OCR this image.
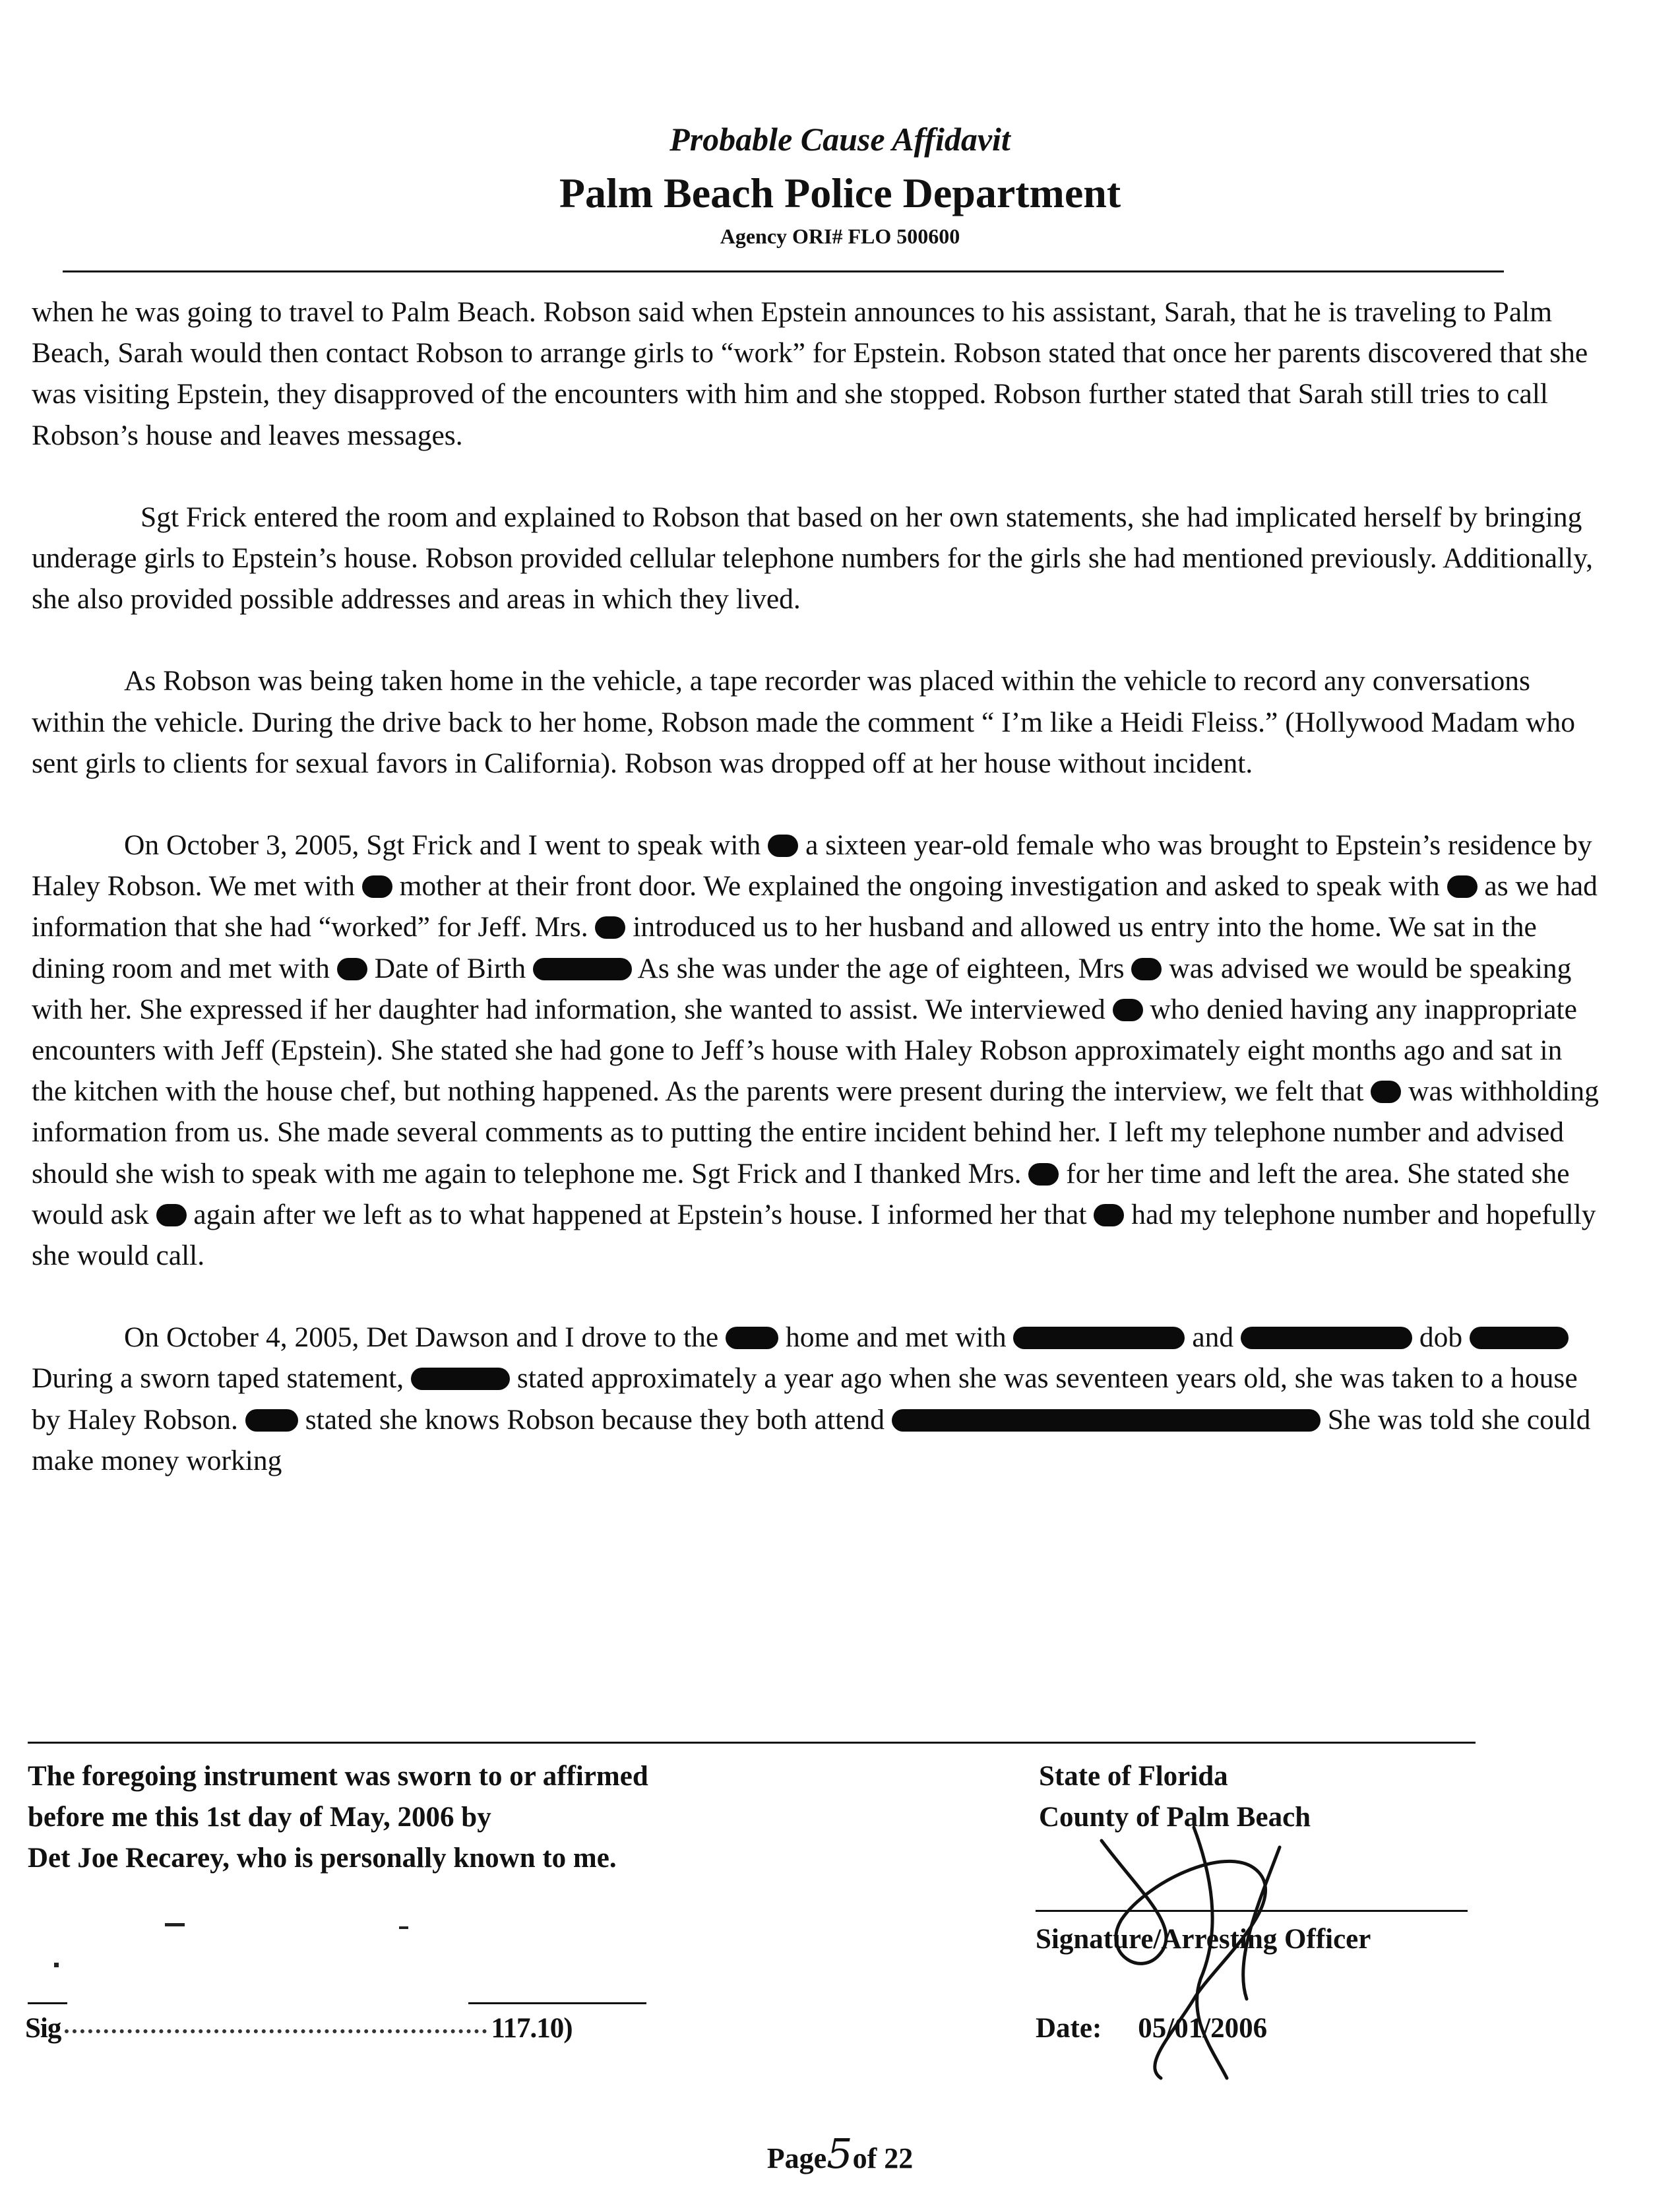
Probable Cause Affidavit
Palm Beach Police Department
Agency ORI# FLO 500600

when he was going to travel to Palm Beach. Robson said when Epstein announces to his assistant, Sarah, that he is traveling to Palm Beach, Sarah would then contact Robson to arrange girls to “work” for Epstein. Robson stated that once her parents discovered that she was visiting Epstein, they disapproved of the encounters with him and she stopped. Robson further stated that Sarah still tries to call Robson’s house and leaves messages.

Sgt Frick entered the room and explained to Robson that based on her own statements, she had implicated herself by bringing underage girls to Epstein’s house. Robson provided cellular telephone numbers for the girls she had mentioned previously. Additionally, she also provided possible addresses and areas in which they lived.

As Robson was being taken home in the vehicle, a tape recorder was placed within the vehicle to record any conversations within the vehicle. During the drive back to her home, Robson made the comment “ I’m like a Heidi Fleiss.” (Hollywood Madam who sent girls to clients for sexual favors in California). Robson was dropped off at her house without incident.

On October 3, 2005, Sgt Frick and I went to speak with a sixteen year-old female who was brought to Epstein’s residence by Haley Robson. We met with mother at their front door. We explained the ongoing investigation and asked to speak with as we had information that she had “worked” for Jeff. Mrs. introduced us to her husband and allowed us entry into the home. We sat in the dining room and met with Date of Birth	As she was under the age of eighteen, Mrs was advised we would be speaking with her. She expressed if her daughter had information, she wanted to assist. We interviewed who denied having any inappropriate encounters with Jeff (Epstein). She stated she had gone to Jeff’s house with Haley Robson approximately eight months ago and sat in the kitchen with the house chef, but nothing happened. As the parents were present during the interview, we felt that was withholding information from us. She made several comments as to putting the entire incident behind her. I left my telephone number and advised should she wish to speak with me again to telephone me. Sgt Frick and I thanked Mrs. for her time and left the area. She stated she would ask again after we left as to what happened at Epstein’s house. I informed her that had my telephone number and hopefully she would call.

On October 4, 2005, Det Dawson and I drove to the home and met with	and	dob  During a sworn taped statement,	stated approximately a year ago when she was seventeen years old, she was taken to a house by Haley Robson. stated she knows Robson because they both attend	She was told she could make money working

The foregoing instrument was sworn to or affirmed
before me this 1st day of May, 2006 by
Det Joe Recarey, who is personally known to me.
State of Florida
County of Palm Beach
Signature/Arresting Officer
Date: 05/01/2006
Sig	117.10)
Page5of 22
